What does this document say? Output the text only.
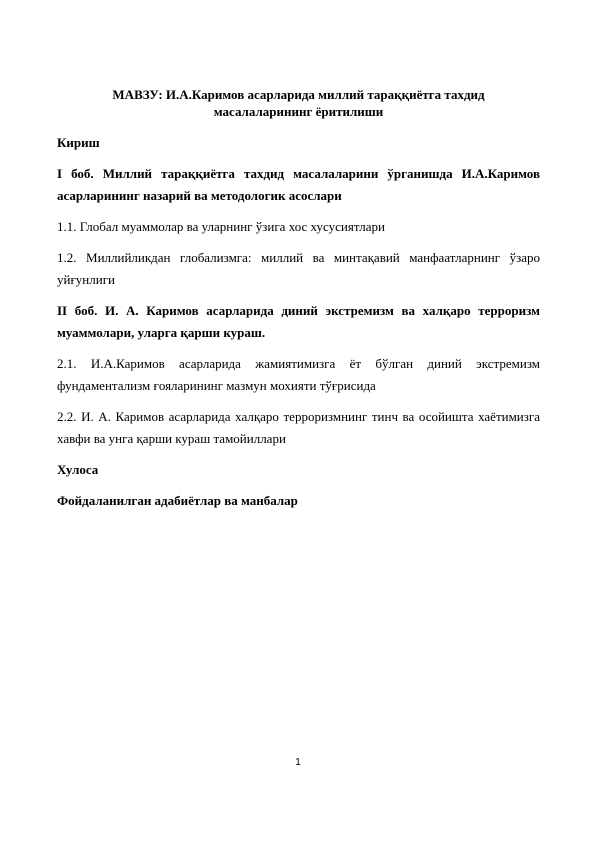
МАВЗУ: И.А.Каримов асарларида миллий тараққиётга тахдид
масалаларининг ёритилиши
Кириш
I боб. Миллий тараққиётга тахдид масалаларини ўрганишда И.А.Каримов асарларининг назарий ва методологик асослари
1.1. Глобал муаммолар ва уларнинг ўзига хос хусусиятлари
1.2. Миллийликдан глобализмга: миллий ва минтақавий манфаатларнинг ўзаро уйғунлиги
II боб. И. А. Каримов асарларида диний экстремизм ва халқаро терроризм муаммолари, уларга қарши кураш.
2.1. И.А.Каримов асарларида жамиятимизга ёт бўлган диний экстремизм фундаментализм ғояларининг мазмун мохияти тўғрисида
2.2. И. А. Каримов асарларида халқаро терроризмнинг тинч ва осойишта хаётимизга хавфи ва унга қарши кураш тамойиллари
Хулоса
Фойдаланилган адабиётлар ва манбалар
1
